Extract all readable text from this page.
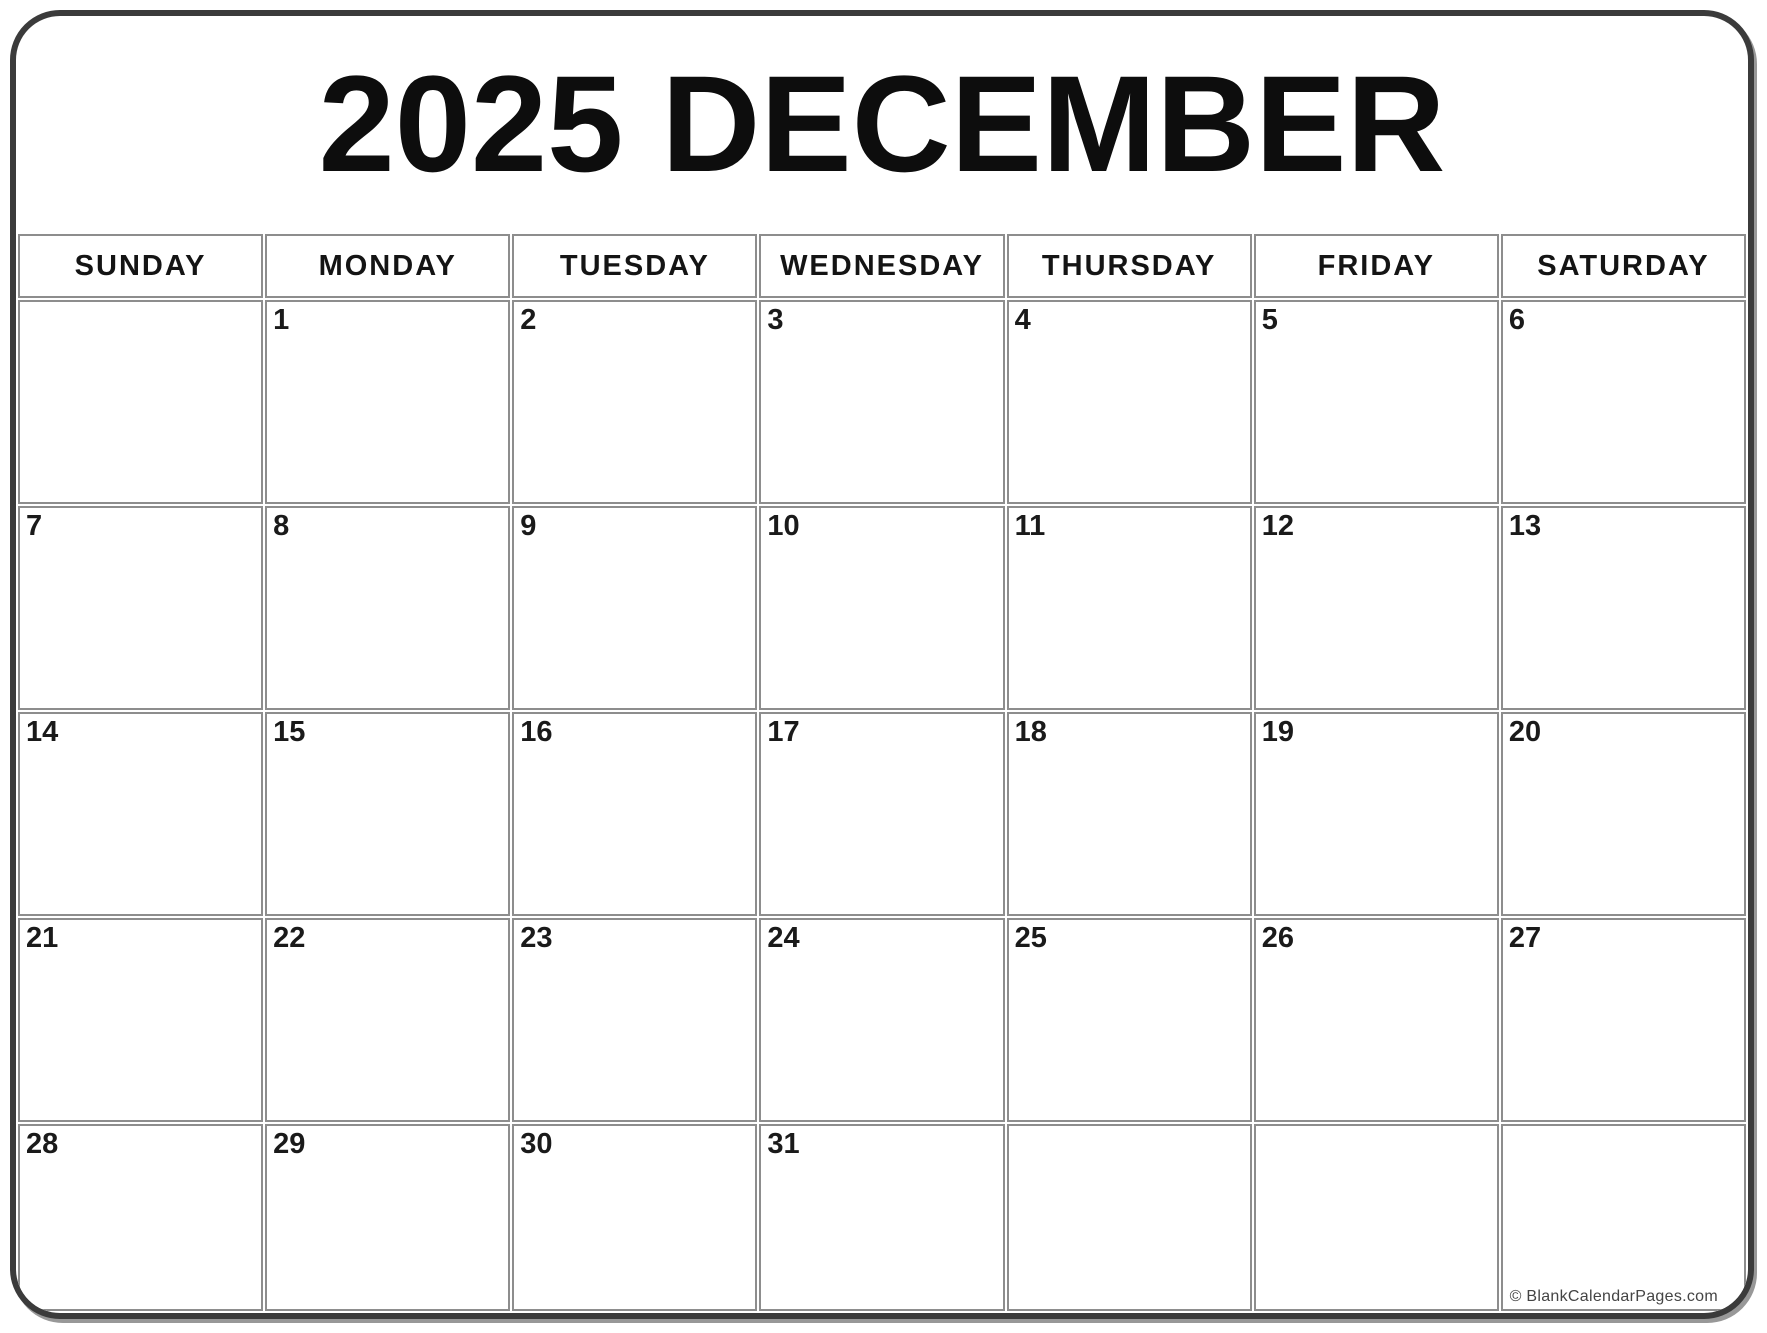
2025 DECEMBER
SUNDAY	MONDAY	TUESDAY	WEDNESDAY	THURSDAY	FRIDAY	SATURDAY
	1	2	3	4	5	6
7	8	9	10	11	12	13
14	15	16	17	18	19	20
21	22	23	24	25	26	27
28	29	30	31			
© BlankCalendarPages.com
